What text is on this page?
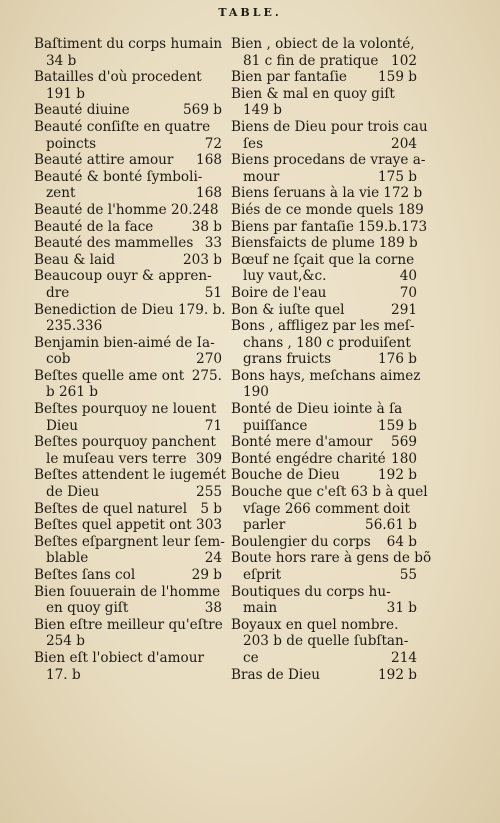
TABLE.
Baſtiment du corps humain
34 b
Batailles d'où procedent
191 b
Beauté diuine	569 b
Beauté conſiſte en quatre
poincts	72
Beauté attire amour 168
Beauté & bonté ſymboli-
zent	168
Beauté de l'homme 20.248
Beauté de la face	38 b
Beauté des mammelles 33
Beau & laid	203 b
Beaucoup ouyr & appren-
dre	51
Benediction de Dieu 179. b.
235.336
Benjamin bien-aimé de Ia-
cob	270
Beſtes quelle ame ont 275.
b 261 b
Beſtes pourquoy ne louent
Dieu	71
Beſtes pourquoy panchent
le muſeau vers terre 309
Beſtes attendent le iugemét
de Dieu	255
Beſtes de quel naturel 5 b
Beſtes quel appetit ont 303
Beſtes eſpargnent leur ſem-
blable	24
Beſtes ſans col	29 b
Bien ſouuerain de l'homme
en quoy giſt	38
Bien eſtre meilleur qu'eſtre
254 b
Bien eſt l'obiect d'amour
17. b
Bien , obiect de la volonté,
81 c fin de pratique 102
Bien par fantaſie 159 b
Bien & mal en quoy giſt
149 b
Biens de Dieu pour trois cau
ſes	204
Biens procedans de vraye a-
mour	175 b
Biens ſeruans à la vie 172 b
Biés de ce monde quels 189
Biens par fantaſie 159.b.173
Biensfaicts de plume 189 b
Bœuf ne ſçait que la corne
luy vaut,&c.	40
Boire de l'eau	70
Bon & iuſte quel	291
Bons , affligez par les meſ-
chans , 180 c produiſent
grans fruicts	176 b
Bons hays, meſchans aimez
190
Bonté de Dieu iointe à ſa
puiſſance	159 b
Bonté mere d'amour 569
Bonté engédre charité 180
Bouche de Dieu	192 b
Bouche que c'eſt 63 b à quel
vſage 266 comment doit
parler	56.61 b
Boulengier du corps 64 b
Boute hors rare à gens de bõ
eſprit	55
Boutiques du corps hu-
main	31 b
Boyaux en quel nombre.
203 b de quelle ſubſtan-
ce	214
Bras de Dieu	192 b
